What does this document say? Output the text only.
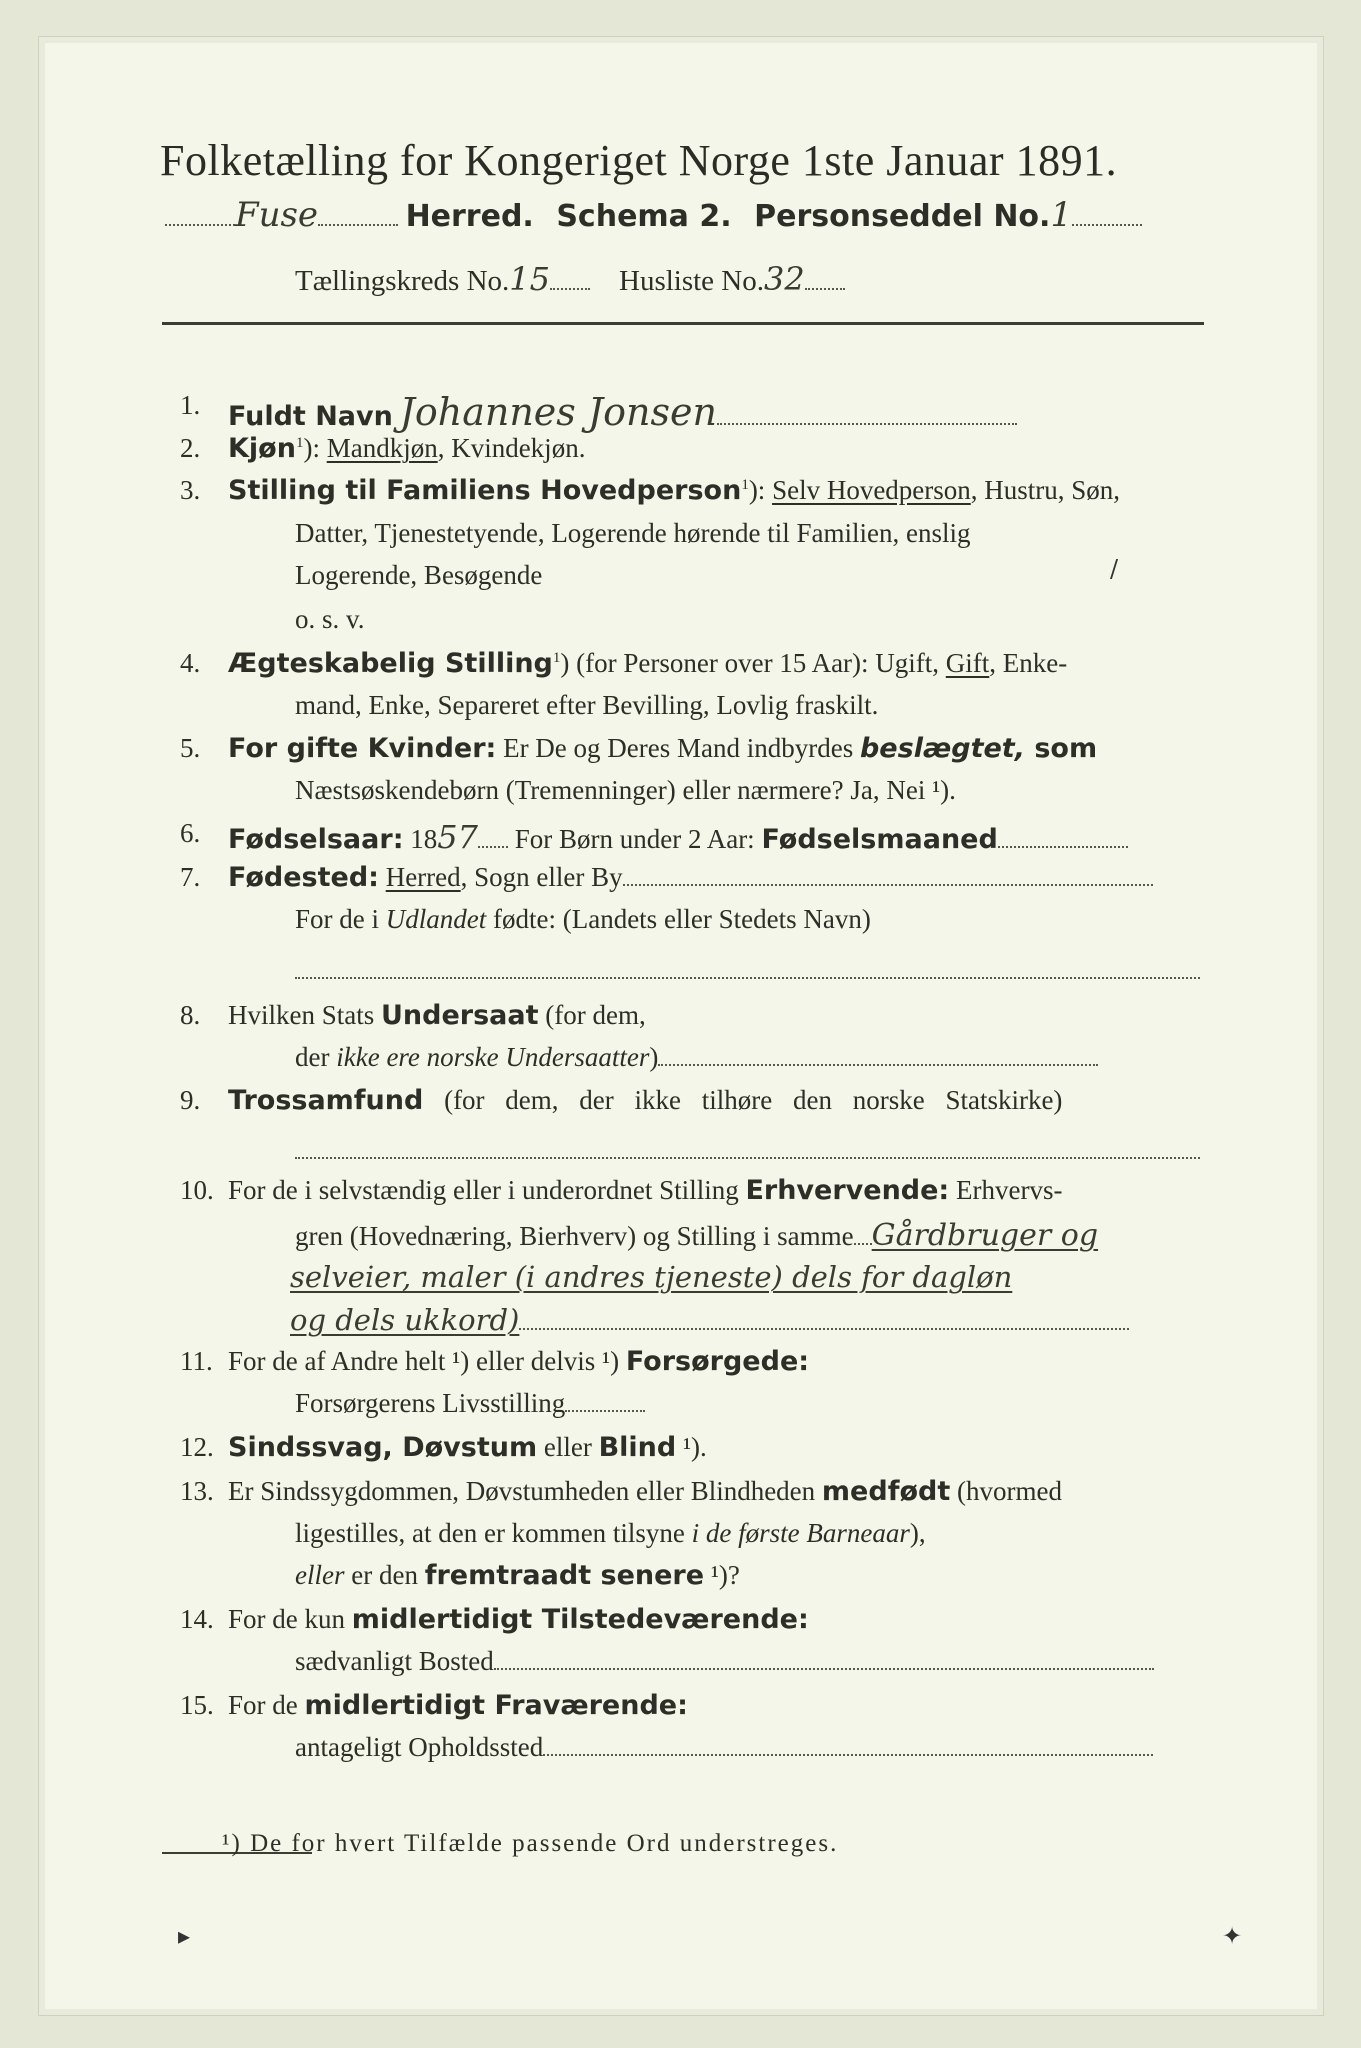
Folketælling for Kongeriget Norge 1ste Januar 1891.
Fuse	Herred. Schema 2. Personseddel No.1
Tællingskreds No.15 Husliste No.32
1. Fuldt Navn Johannes Jonsen
2. Kjøn$^1$): Mandkjøn, Kvindekjøn.
3. Stilling til Familiens Hovedperson$^1$): Selv Hovedperson, Hustru, Søn,
Datter, Tjenestetyende, Logerende hørende til Familien, enslig
Logerende, Besøgende
o. s. v.
4. Ægteskabelig Stilling$^1$) (for Personer over 15 Aar): Ugift, Gift, Enke-
mand, Enke, Separeret efter Bevilling, Lovlig fraskilt.
5. For gifte Kvinder: Er De og Deres Mand indbyrdes beslægtet, som
Næstsøskendebørn (Tremenninger) eller nærmere? Ja, Nei ¹).
6. Fødselsaar: 1857 For Børn under 2 Aar: Fødselsmaaned
7. Fødested: Herred, Sogn eller By
For de i Udlandet fødte: (Landets eller Stedets Navn)
8. Hvilken Stats Undersaat (for dem,
der ikke ere norske Undersaatter)
9. Trossamfund (for dem, der ikke tilhøre den norske Statskirke)
10. For de i selvstændig eller i underordnet Stilling Erhvervende: Erhvervs-
gren (Hovednæring, Bierhverv) og Stilling i samme Gårdbruger og
selveier, maler (i andres tjeneste) dels for dagløn
og dels ukkord)
11. For de af Andre helt ¹) eller delvis ¹) Forsørgede:
Forsørgerens Livsstilling
12. Sindssvag, Døvstum eller Blind ¹).
13. Er Sindssygdommen, Døvstumheden eller Blindheden medfødt (hvormed
ligestilles, at den er kommen tilsyne i de første Barneaar),
eller er den fremtraadt senere ¹)?
14. For de kun midlertidigt Tilstedeværende:
sædvanligt Bosted
15. For de midlertidigt Fraværende:
antageligt Opholdssted
¹) De for hvert Tilfælde passende Ord understreges.
/
▸	✦
